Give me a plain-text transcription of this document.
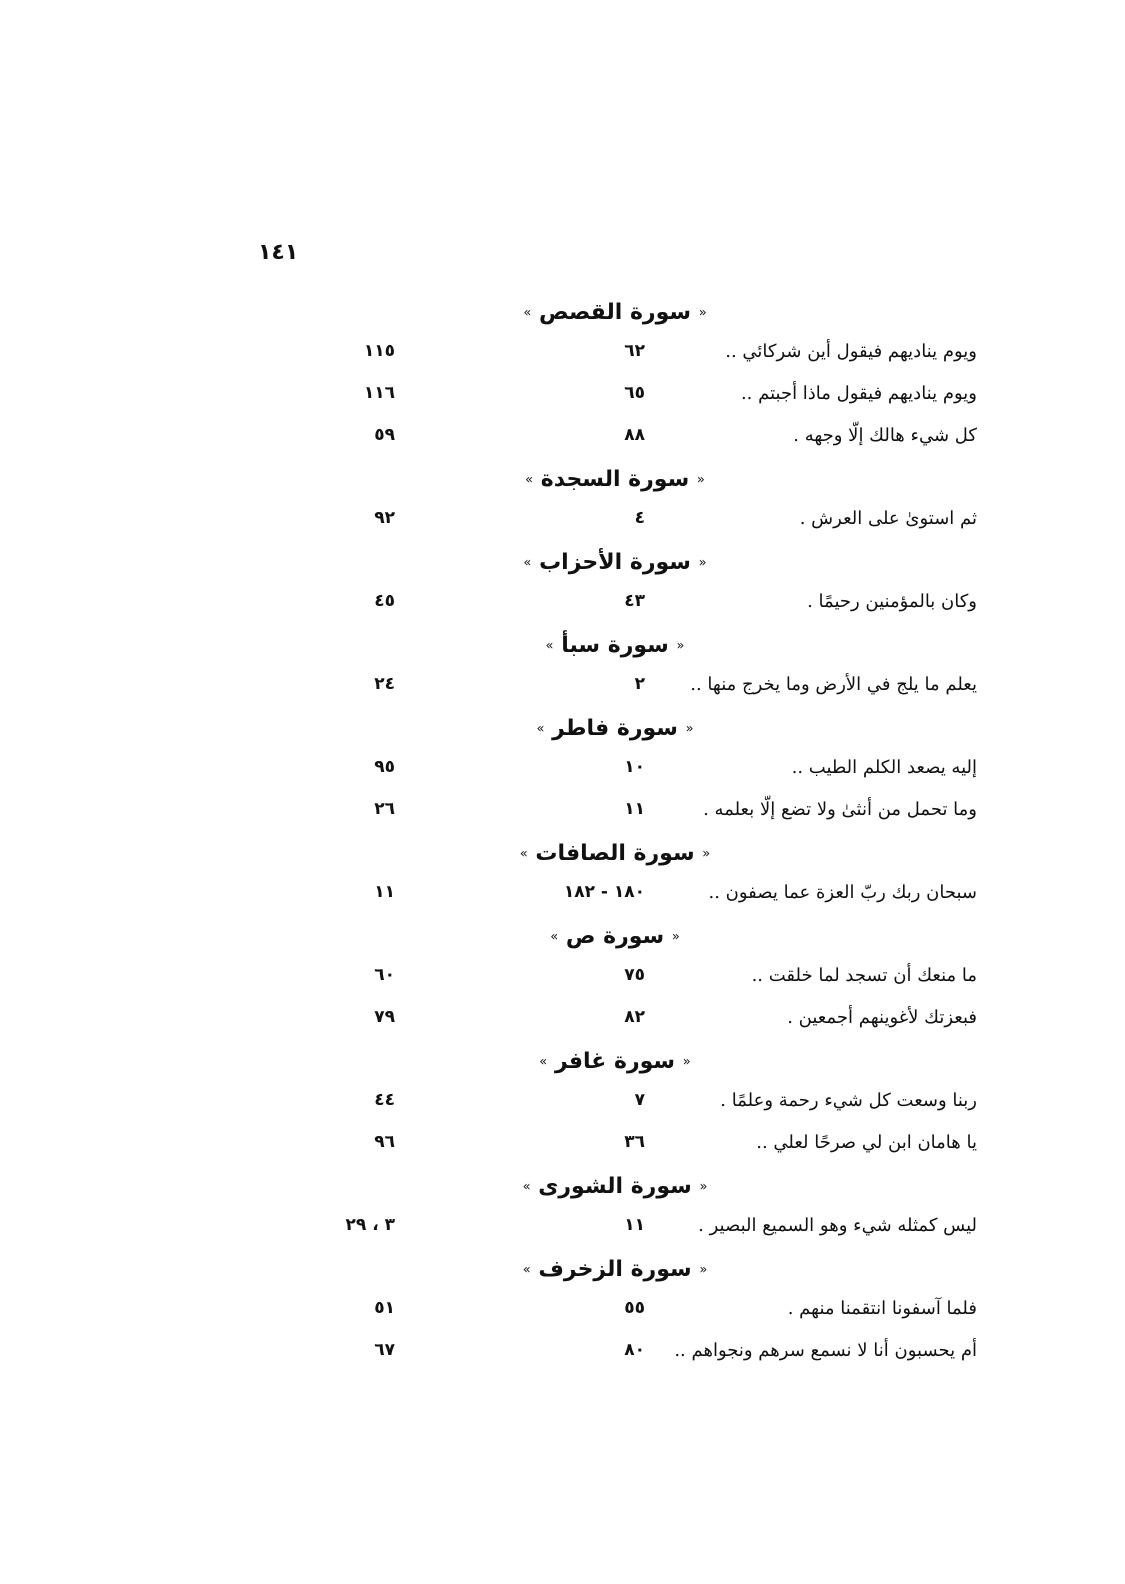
١٤١
« سورة القصص »
ويوم يناديهم فيقول أين شركائي ..
٦٢
١١٥
ويوم يناديهم فيقول ماذا أجبتم ..
٦٥
١١٦
كل شيء هالك إلّا وجهه .
٨٨
٥٩
« سورة السجدة »
ثم استوىٰ على العرش .
٤
٩٢
« سورة الأحزاب »
وكان بالمؤمنين رحيمًا .
٤٣
٤٥
« سورة سبأ »
يعلم ما يلج في الأرض وما يخرج منها ..
٢
٢٤
« سورة فاطر »
إليه يصعد الكلم الطيب ..
١٠
٩٥
وما تحمل من أنثىٰ ولا تضع إلّا بعلمه .
١١
٢٦
« سورة الصافات »
سبحان ربك ربّ العزة عما يصفون ..
١٨٠ - ١٨٢
١١
« سورة ص »
ما منعك أن تسجد لما خلقت ..
٧٥
٦٠
فبعزتك لأغوينهم أجمعين .
٨٢
٧٩
« سورة غافر »
ربنا وسعت كل شيء رحمة وعلمًا .
٧
٤٤
يا هامان ابن لي صرحًا لعلي ..
٣٦
٩٦
« سورة الشورى »
ليس كمثله شيء وهو السميع البصير .
١١
٣ ، ٢٩
« سورة الزخرف »
فلما آسفونا انتقمنا منهم .
٥٥
٥١
أم يحسبون أنا لا نسمع سرهم ونجواهم ..
٨٠
٦٧
